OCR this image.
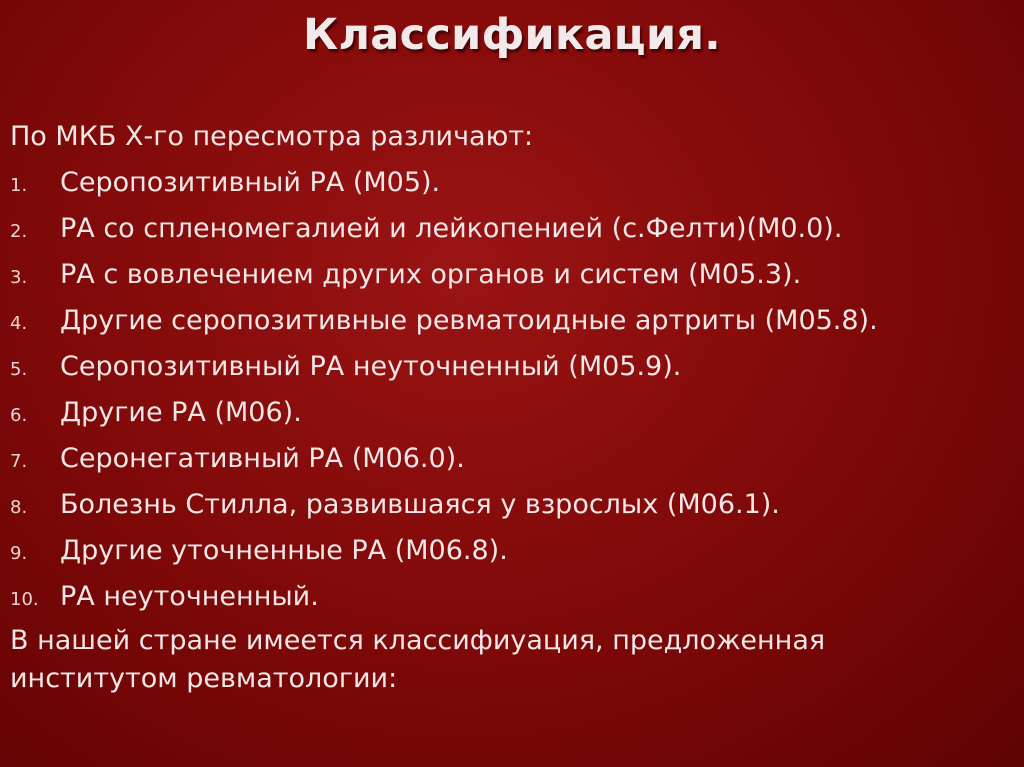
Классификация.
По МКБ Х-го пересмотра различают:
1.	Серопозитивный РА (М05).
2.	РА со спленомегалией и лейкопенией (с.Фелти)(М0.0).
3.	РА с вовлечением других органов и систем (М05.3).
4.	Другие серопозитивные ревматоидные артриты (М05.8).
5.	Серопозитивный РА неуточненный (М05.9).
6.	Другие РА (М06).
7.	Серонегативный РА (М06.0).
8.	Болезнь Стилла, развившаяся у взрослых (М06.1).
9.	Другие уточненные РА (М06.8).
10. РА неуточненный.
В нашей стране имеется классифиуация, предложенная
институтом ревматологии:
